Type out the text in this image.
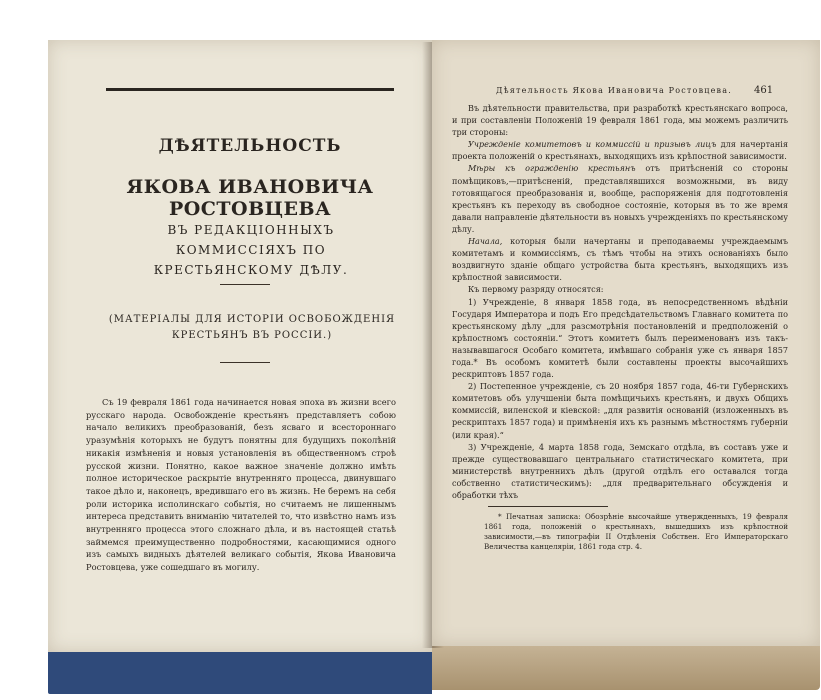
ДѢЯТЕЛЬНОСТЬ
ЯКОВА ИВАНОВИЧА РОСТОВЦЕВА
ВЪ РЕДАКЦІОННЫХЪ КОММИССІЯХЪ ПО КРЕСТЬЯНСКОМУ ДѢЛУ.
(МАТЕРІАЛЫ ДЛЯ ИСТОРІИ ОСВОБОЖДЕНІЯ КРЕСТЬЯНЪ ВЪ РОССІИ.)

Съ 19 февраля 1861 года начинается новая эпоха въ жизни всего русскаго народа. Освобожденіе крестьянъ представляетъ собою начало великихъ преобразованій, безъ ясваго и всестороннаго уразумѣнія которыхъ не будутъ понятны для будущихъ поколѣній никакія измѣненія и новыя установленія въ общественномъ строѣ русской жизни. Понятно, какое важное значеніе должно имѣть полное историческое раскрытіе внутренняго процесса, двинувшаго такое дѣло и, наконецъ, вредившаго его въ жизнь. Не беремъ на себя роли историка исполинскаго событія, но считаемъ не лишеннымъ интереса представить вниманію читателей то, что извѣстно намъ изъ внутренняго процесса этого сложнаго дѣла, и въ настоящей статьѣ займемся преимущественно подробностями, касающимися одного изъ самыхъ видныхъ дѣятелей великаго событія, Якова Ивановича Ростовцева, уже сошедшаго въ могилу.

Дѣятельность Якова Ивановича Ростовцева.	461

Въ дѣятельности правительства, при разработкѣ крестьянскаго вопроса, и при составленіи Положеній 19 февраля 1861 года, мы можемъ различить три стороны:

Учрежденіе комитетовъ и коммиссій и призывъ лицъ для начертанія проекта положеній о крестьянахъ, выходящихъ изъ крѣпостной зависимости.

Мѣры къ огражденію крестьянъ отъ притѣсненій со стороны помѣщиковъ,—притѣсненій, представлявшихся возможными, въ виду готовящагося преобразованія и, вообще, распоряженія для подготовленія крестьянъ къ переходу въ свободное состояніе, которыя въ то же время давали направленіе дѣятельности въ новыхъ учрежденіяхъ по крестьянскому дѣлу.

Начала, которыя были начертаны и преподаваемы учреждаемымъ комитетамъ и коммиссіямъ, съ тѣмъ чтобы на этихъ основаніяхъ было воздвигнуто зданіе общаго устройства быта крестьянъ, выходящихъ изъ крѣпостной зависимости.

Къ первому разряду относятся:

1) Учрежденіе, 8 января 1858 года, въ непосредственномъ вѣдѣніи Государя Императора и подъ Его предсѣдательствомъ Главнаго комитета по крестьянскому дѣлу „для разсмотрѣнія постановленій и предположеній о крѣпостномъ состояніи.“ Этотъ комитетъ былъ переименованъ изъ такъ-называвшагося Особаго комитета, имѣвшаго собранія уже съ января 1857 года.* Въ особомъ комитетѣ были составлены проекты высочайшихъ рескриптовъ 1857 года.

2) Постепенное учрежденіе, съ 20 ноября 1857 года, 46-ти Губернскихъ комитетовъ объ улучшеніи быта помѣщичьихъ крестьянъ, и двухъ Общихъ коммиссій, виленской и кіевской: „для развитія основаній (изложенныхъ въ рескриптахъ 1857 года) и примѣненія ихъ къ разнымъ мѣстностямъ губерніи (или края).“

3) Учрежденіе, 4 марта 1858 года, Земскаго отдѣла, въ составъ уже и прежде существовавшаго центральнаго статистическаго комитета, при министерствѣ внутреннихъ дѣлъ (другой отдѣлъ его оставался тогда собственно статистическимъ): „для предварительнаго обсужденія и обработки тѣхъ

* Печатная записка: Обозрѣніе высочайше утвержденныхъ, 19 февраля 1861 года, положеній о крестьянахъ, вышедшихъ изъ крѣпостной зависимости,—въ типографіи II Отдѣленія Собствен. Его Императорскаго Величества канцеляріи, 1861 года стр. 4.
